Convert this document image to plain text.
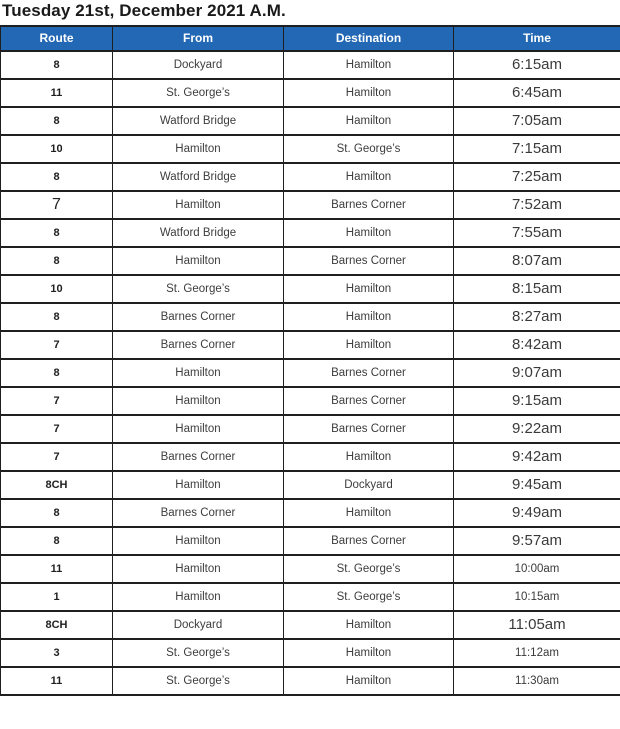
Tuesday 21st, December 2021 A.M.
Route	From	Destination	Time
8	Dockyard	Hamilton	6:15am
11	St. George’s	Hamilton	6:45am
8	Watford Bridge	Hamilton	7:05am
10	Hamilton	St. George’s	7:15am
8	Watford Bridge	Hamilton	7:25am
7	Hamilton	Barnes Corner	7:52am
8	Watford Bridge	Hamilton	7:55am
8	Hamilton	Barnes Corner	8:07am
10	St. George’s	Hamilton	8:15am
8	Barnes Corner	Hamilton	8:27am
7	Barnes Corner	Hamilton	8:42am
8	Hamilton	Barnes Corner	9:07am
7	Hamilton	Barnes Corner	9:15am
7	Hamilton	Barnes Corner	9:22am
7	Barnes Corner	Hamilton	9:42am
8CH	Hamilton	Dockyard	9:45am
8	Barnes Corner	Hamilton	9:49am
8	Hamilton	Barnes Corner	9:57am
11	Hamilton	St. George’s	10:00am
1	Hamilton	St. George’s	10:15am
8CH	Dockyard	Hamilton	11:05am
3	St. George’s	Hamilton	11:12am
11	St. George’s	Hamilton	11:30am
